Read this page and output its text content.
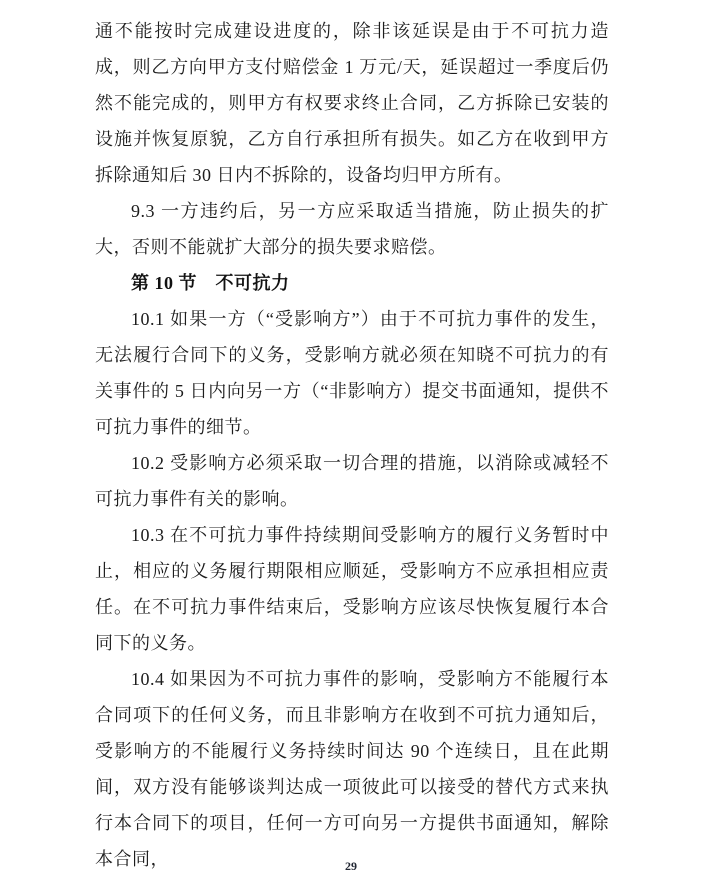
通不能按时完成建设进度的，除非该延误是由于不可抗力造成，则乙方向甲方支付赔偿金 1 万元/天，延误超过一季度后仍然不能完成的，则甲方有权要求终止合同，乙方拆除已安装的设施并恢复原貌，乙方自行承担所有损失。如乙方在收到甲方拆除通知后 30 日内不拆除的，设备均归甲方所有。

9.3 一方违约后，另一方应采取适当措施，防止损失的扩大，否则不能就扩大部分的损失要求赔偿。

第 10 节　不可抗力

10.1 如果一方（“受影响方”）由于不可抗力事件的发生，无法履行合同下的义务，受影响方就必须在知晓不可抗力的有关事件的 5 日内向另一方（“非影响方）提交书面通知，提供不可抗力事件的细节。

10.2 受影响方必须采取一切合理的措施，以消除或减轻不可抗力事件有关的影响。

10.3 在不可抗力事件持续期间受影响方的履行义务暂时中止，相应的义务履行期限相应顺延，受影响方不应承担相应责任。在不可抗力事件结束后，受影响方应该尽快恢复履行本合同下的义务。

10.4 如果因为不可抗力事件的影响，受影响方不能履行本合同项下的任何义务，而且非影响方在收到不可抗力通知后，受影响方的不能履行义务持续时间达 90 个连续日，且在此期间，双方没有能够谈判达成一项彼此可以接受的替代方式来执行本合同下的项目，任何一方可向另一方提供书面通知，解除本合同，	29
